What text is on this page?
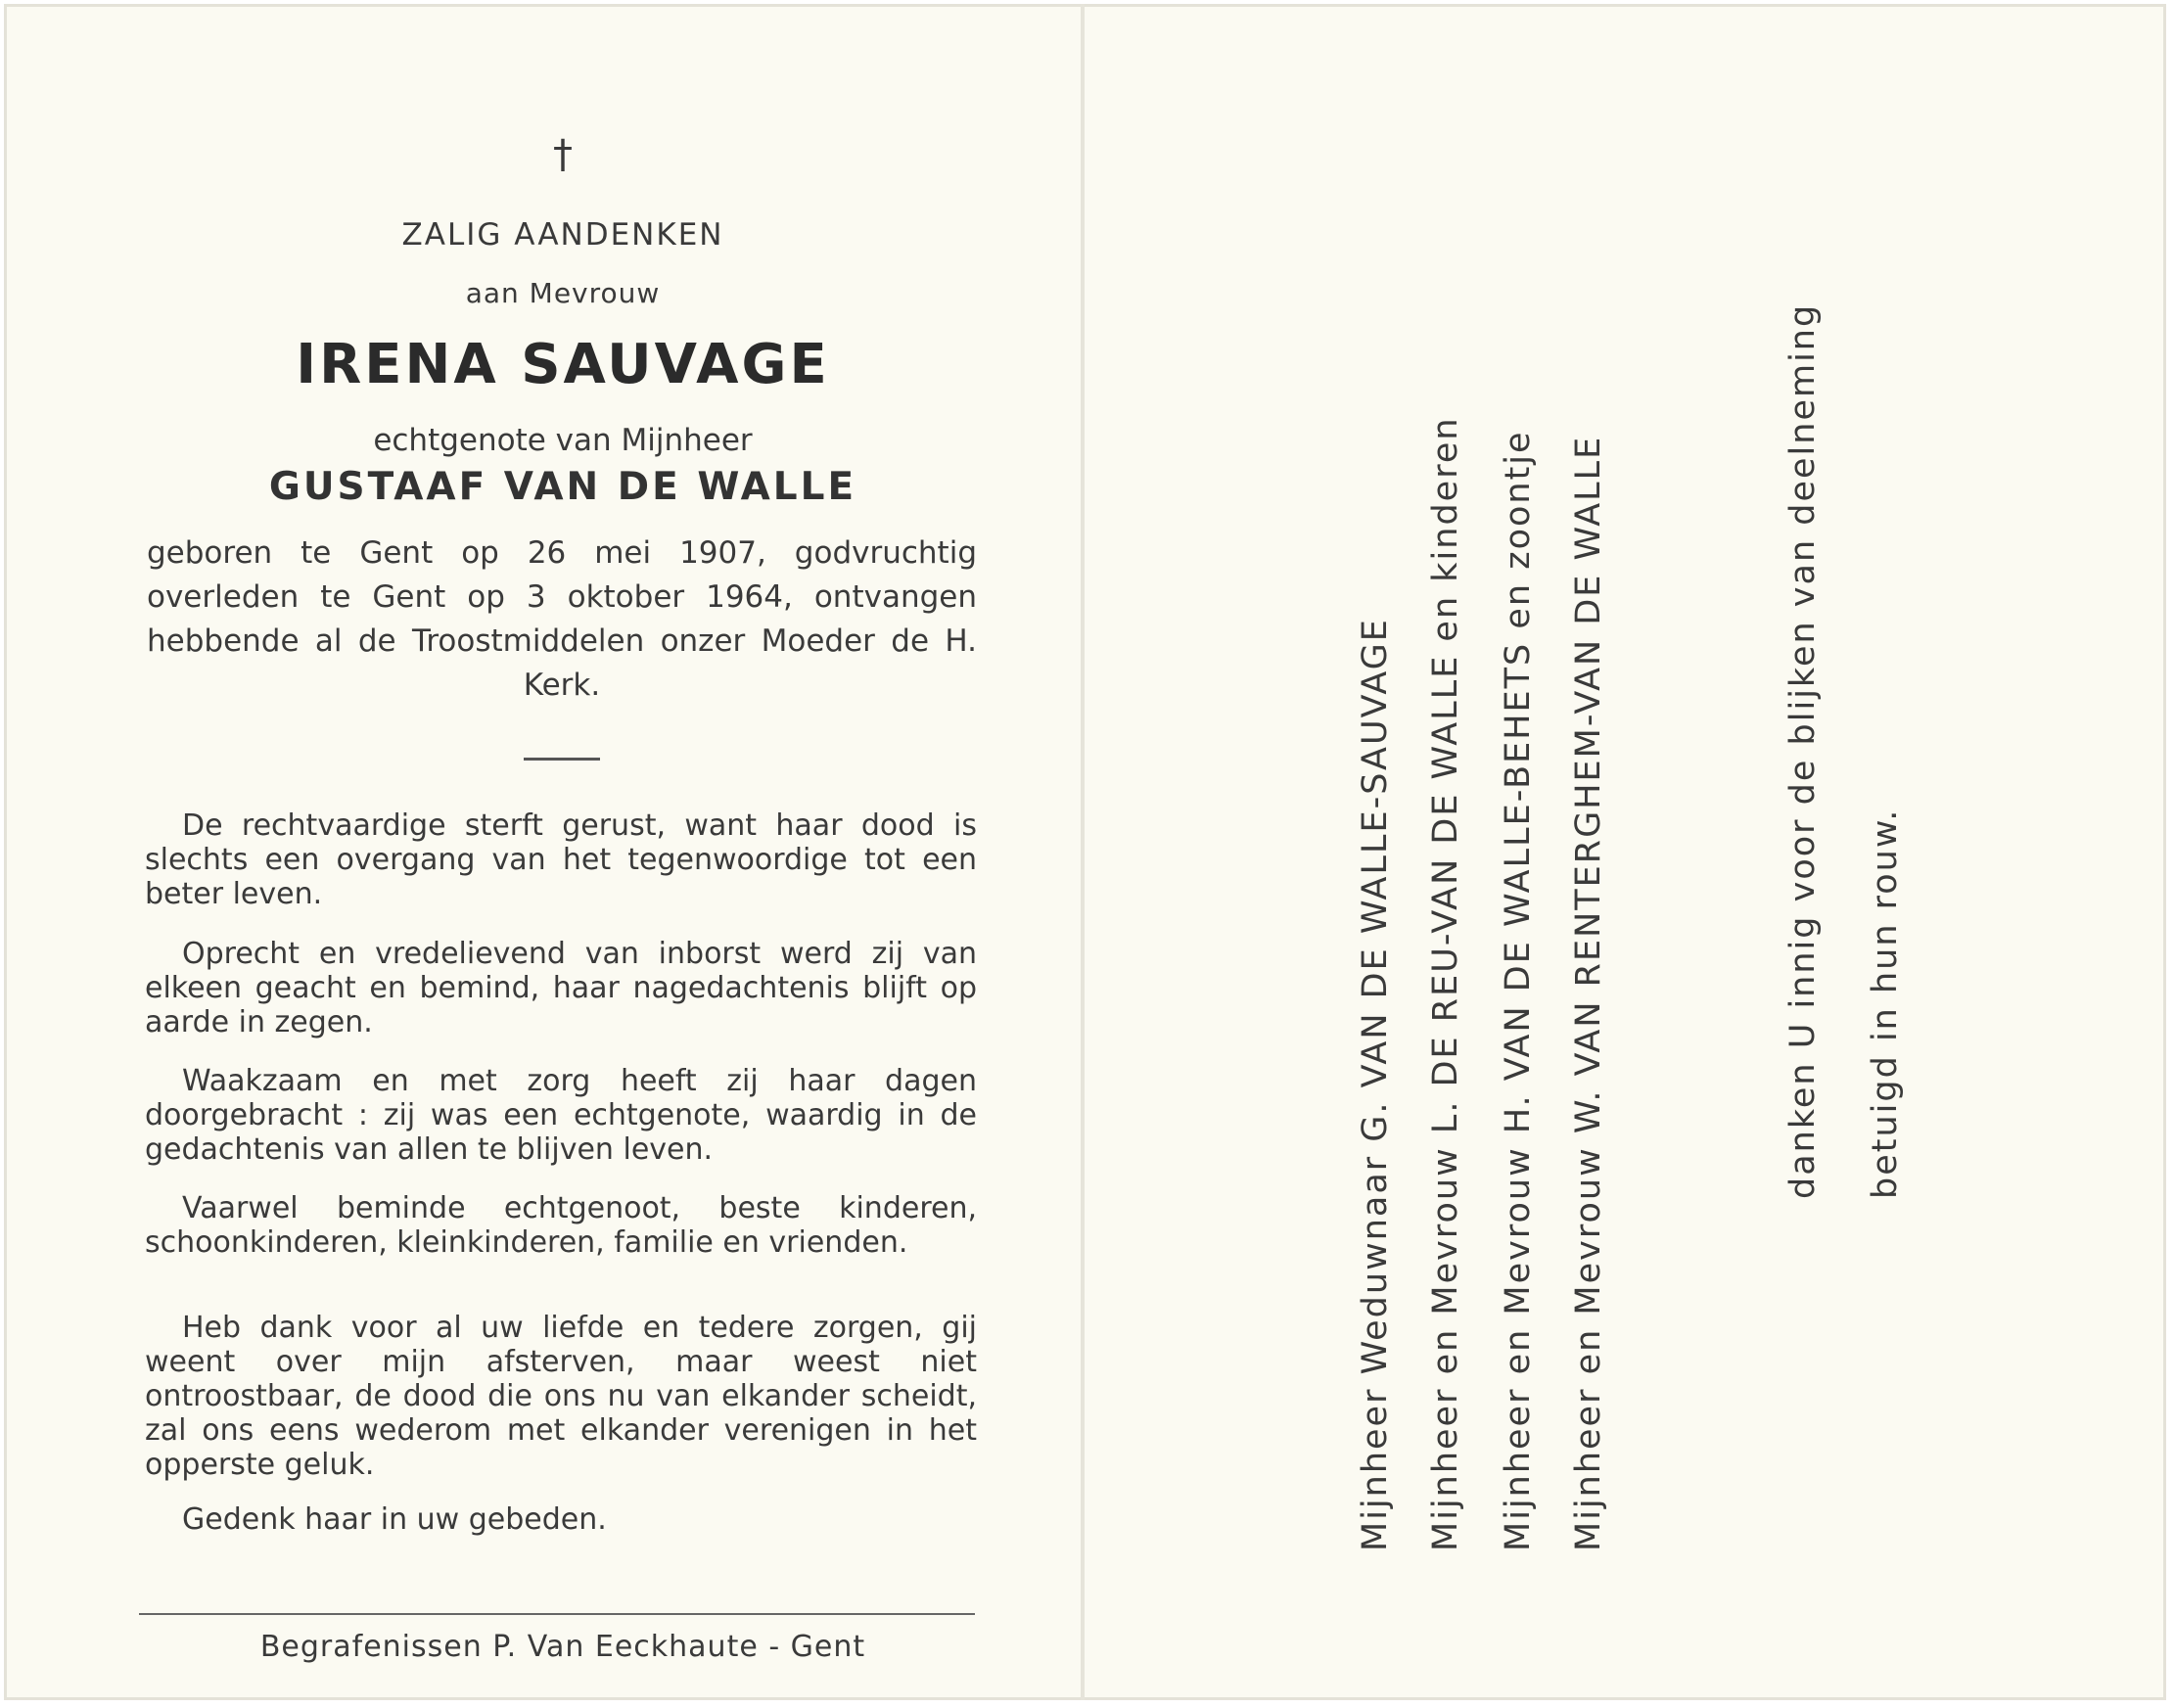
†
ZALIG AANDENKEN
aan Mevrouw
IRENA SAUVAGE
echtgenote van Mijnheer
GUSTAAF VAN DE WALLE
geboren te Gent op 26 mei 1907, godvruchtig overleden te Gent op 3 oktober 1964, ontvangen hebbende al de Troostmiddelen onzer Moeder de H. Kerk.

De rechtvaardige sterft gerust, want haar dood is slechts een overgang van het tegenwoordige tot een beter leven.

Oprecht en vredelievend van inborst werd zij van elkeen geacht en bemind, haar nagedachtenis blijft op aarde in zegen.

Waakzaam en met zorg heeft zij haar dagen doorgebracht : zij was een echtgenote, waardig in de gedachtenis van allen te blijven leven.

Vaarwel beminde echtgenoot, beste kinderen, schoonkinderen, kleinkinderen, familie en vrienden.

Heb dank voor al uw liefde en tedere zorgen, gij weent over mijn afsterven, maar weest niet ontroostbaar, de dood die ons nu van elkander scheidt, zal ons eens wederom met elkander verenigen in het opperste geluk.

Gedenk haar in uw gebeden.

Begrafenissen P. Van Eeckhaute - Gent
Mijnheer Weduwnaar G. VAN DE WALLE-SAUVAGE Mijnheer en Mevrouw L. DE REU-VAN DE WALLE en kinderen Mijnheer en Mevrouw H. VAN DE WALLE-BEHETS en zoontje Mijnheer en Mevrouw W. VAN RENTERGHEM-VAN DE WALLE	danken U innig voor de blijken van deelneming betuigd in hun rouw.
